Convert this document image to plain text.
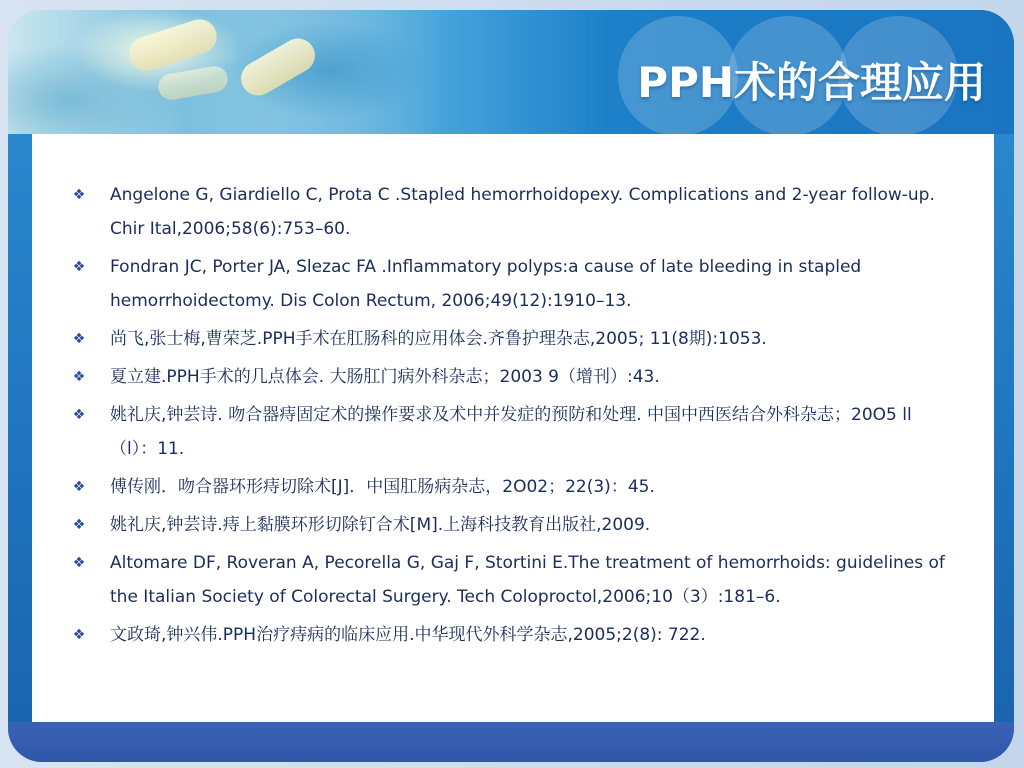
PPH术的合理应用
❖ Angelone G, Giardiello C, Prota C .Stapled hemorrhoidopexy. Complications and 2-year follow-up. Chir Ital,2006;58(6):753–60.
❖ Fondran JC, Porter JA, Slezac FA .Inflammatory polyps:a cause of late bleeding in stapled hemorrhoidectomy. Dis Colon Rectum, 2006;49(12):1910–13.
❖ 尚飞,张士梅,曹荣芝.PPH手术在肛肠科的应用体会.齐鲁护理杂志,2005; 11(8期):1053.
❖ 夏立建.PPH手术的几点体会. 大肠肛门病外科杂志；2003 9（增刊）:43.
❖ 姚礼庆,钟芸诗. 吻合器痔固定术的操作要求及术中并发症的预防和处理. 中国中西医结合外科杂志；20O5 ll（l）：11.
❖ 傅传刚．吻合器环形痔切除术[J]．中国肛肠病杂志，2O02；22(3)：45.
❖ 姚礼庆,钟芸诗.痔上黏膜环形切除钉合术[M].上海科技教育出版社,2009.
❖ Altomare DF, Roveran A, Pecorella G, Gaj F, Stortini E.The treatment of hemorrhoids: guidelines of the Italian Society of Colorectal Surgery. Tech Coloproctol,2006;10（3）:181–6.
❖ 文政琦,钟兴伟.PPH治疗痔病的临床应用.中华现代外科学杂志,2005;2(8): 722.
